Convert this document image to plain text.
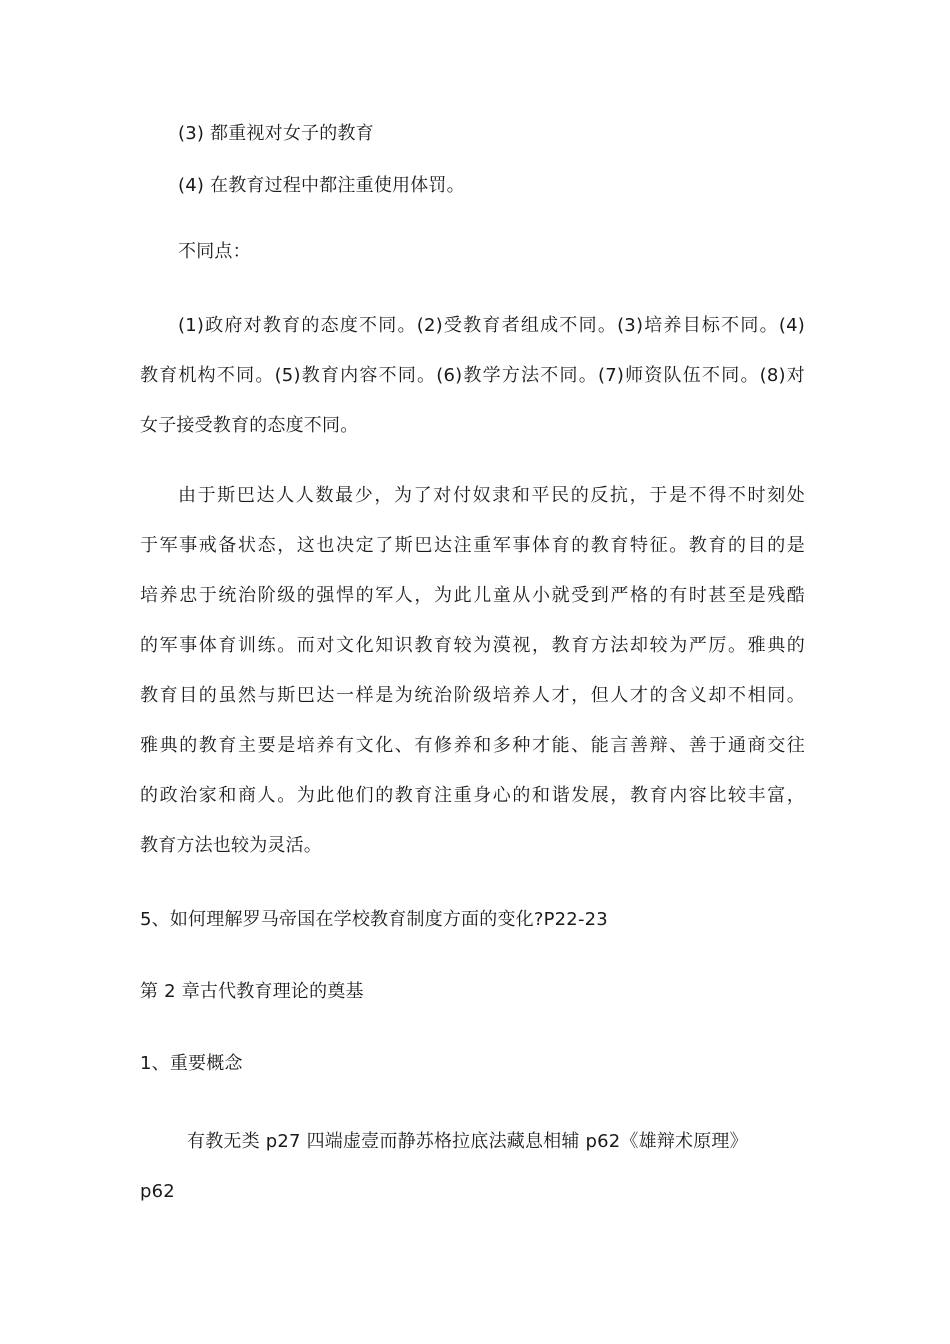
(3) 都重视对女子的教育
(4) 在教育过程中都注重使用体罚。
不同点：
(1)政府对教育的态度不同。(2)受教育者组成不同。(3)培养目标不同。(4)
教育机构不同。(5)教育内容不同。(6)教学方法不同。(7)师资队伍不同。(8)对
女子接受教育的态度不同。
由于斯巴达人人数最少，为了对付奴隶和平民的反抗，于是不得不时刻处
于军事戒备状态，这也决定了斯巴达注重军事体育的教育特征。教育的目的是
培养忠于统治阶级的强悍的军人，为此儿童从小就受到严格的有时甚至是残酷
的军事体育训练。而对文化知识教育较为漠视，教育方法却较为严厉。雅典的
教育目的虽然与斯巴达一样是为统治阶级培养人才，但人才的含义却不相同。
雅典的教育主要是培养有文化、有修养和多种才能、能言善辩、善于通商交往
的政治家和商人。为此他们的教育注重身心的和谐发展，教育内容比较丰富，
教育方法也较为灵活。
5、如何理解罗马帝国在学校教育制度方面的变化?P22-23
第 2 章古代教育理论的奠基
1、重要概念
有教无类 p27 四端虚壹而静苏格拉底法藏息相辅 p62《雄辩术原理》
p62
